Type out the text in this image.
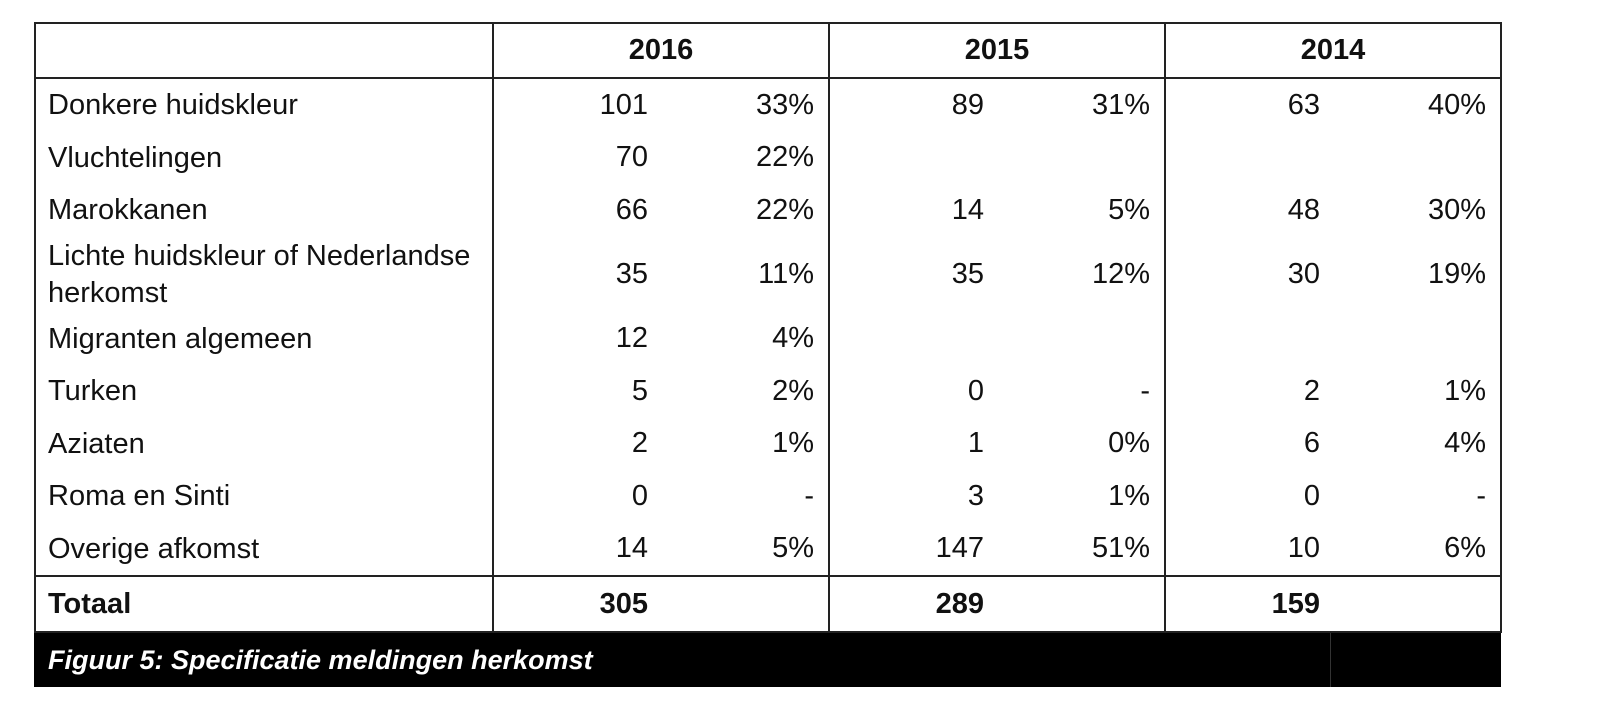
	2016		2015		2014	
Donkere huidskleur	101	33%	89	31%	63	40%
Vluchtelingen	70	22%				
Marokkanen	66	22%	14	5%	48	30%
Lichte huidskleur of Nederlandse herkomst	35	11%	35	12%	30	19%
Migranten algemeen	12	4%				
Turken	5	2%	0	-	2	1%
Aziaten	2	1%	1	0%	6	4%
Roma en Sinti	0	-	3	1%	0	-
Overige afkomst	14	5%	147	51%	10	6%
Totaal	305		289		159	
Figuur 5: Specificatie meldingen herkomst
